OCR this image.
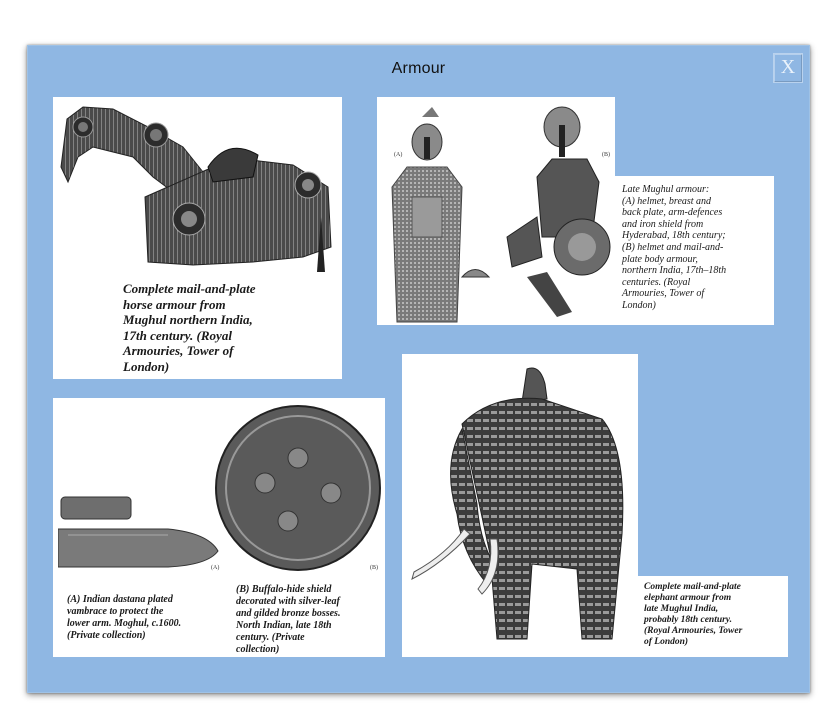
Armour	X
Complete mail-and-plate
horse armour from
Mughul northern India,
17th century. (Royal
Armouries, Tower of
London)
(A)	(B)
Late Mughul armour:
(A) helmet, breast and
back plate, arm-defences
and iron shield from
Hyderabad, 18th century;
(B) helmet and mail-and-
plate body armour,
northern India, 17th–18th
centuries. (Royal
Armouries, Tower of
London)
(A)	(B)
(A) Indian dastana plated
vambrace to protect the
lower arm. Moghul, c.1600.
(Private collection)
(B) Buffalo-hide shield
decorated with silver-leaf
and gilded bronze bosses.
North Indian, late 18th
century. (Private
collection)
Complete mail-and-plate
elephant armour from
late Mughul India,
probably 18th century.
(Royal Armouries, Tower
of London)
